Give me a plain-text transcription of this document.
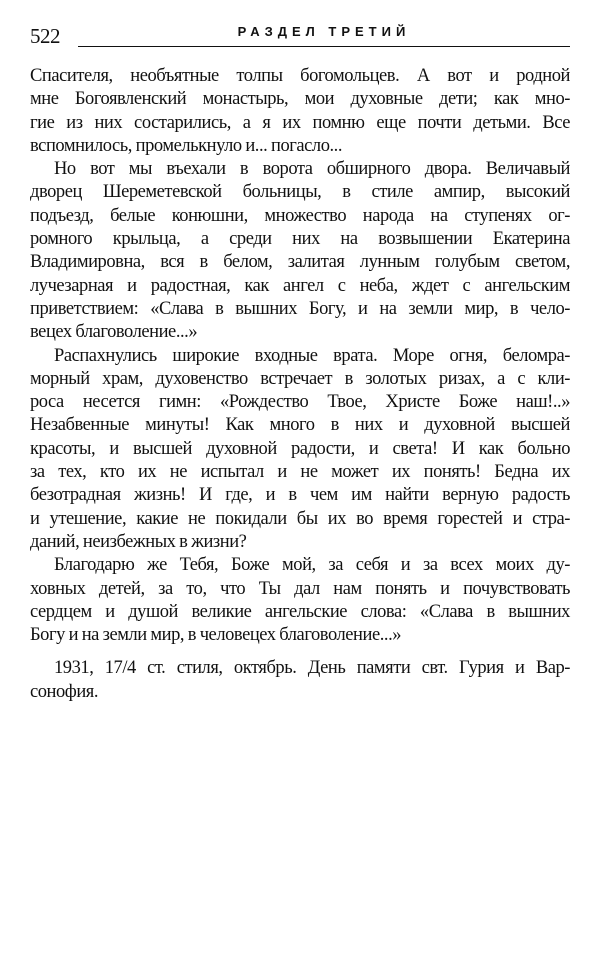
522	РАЗДЕЛ ТРЕТИЙ
Спасителя, необъятные толпы богомольцев. А вот и родной
мне Богоявленский монастырь, мои духовные дети; как мно-
гие из них состарились, а я их помню еще почти детьми. Все
вспомнилось, промелькнуло и... погасло...
Но вот мы въехали в ворота обширного двора. Величавый
дворец Шереметевской больницы, в стиле ампир, высокий
подъезд, белые конюшни, множество народа на ступенях ог-
ромного крыльца, а среди них на возвышении Екатерина
Владимировна, вся в белом, залитая лунным голубым светом,
лучезарная и радостная, как ангел с неба, ждет с ангельским
приветствием: «Слава в вышних Богу, и на земли мир, в чело-
вецех благоволение...»
Распахнулись широкие входные врата. Море огня, беломра-
морный храм, духовенство встречает в золотых ризах, а с кли-
роса несется гимн: «Рождество Твое, Христе Боже наш!..»
Незабвенные минуты! Как много в них и духовной высшей
красоты, и высшей духовной радости, и света! И как больно
за тех, кто их не испытал и не может их понять! Бедна их
безотрадная жизнь! И где, и в чем им найти верную радость
и утешение, какие не покидали бы их во время горестей и стра-
даний, неизбежных в жизни?
Благодарю же Тебя, Боже мой, за себя и за всех моих ду-
ховных детей, за то, что Ты дал нам понять и почувствовать
сердцем и душой великие ангельские слова: «Слава в вышних
Богу и на земли мир, в человецех благоволение...»
1931, 17/4 ст. стиля, октябрь. День памяти свт. Гурия и Вар-
сонофия.
